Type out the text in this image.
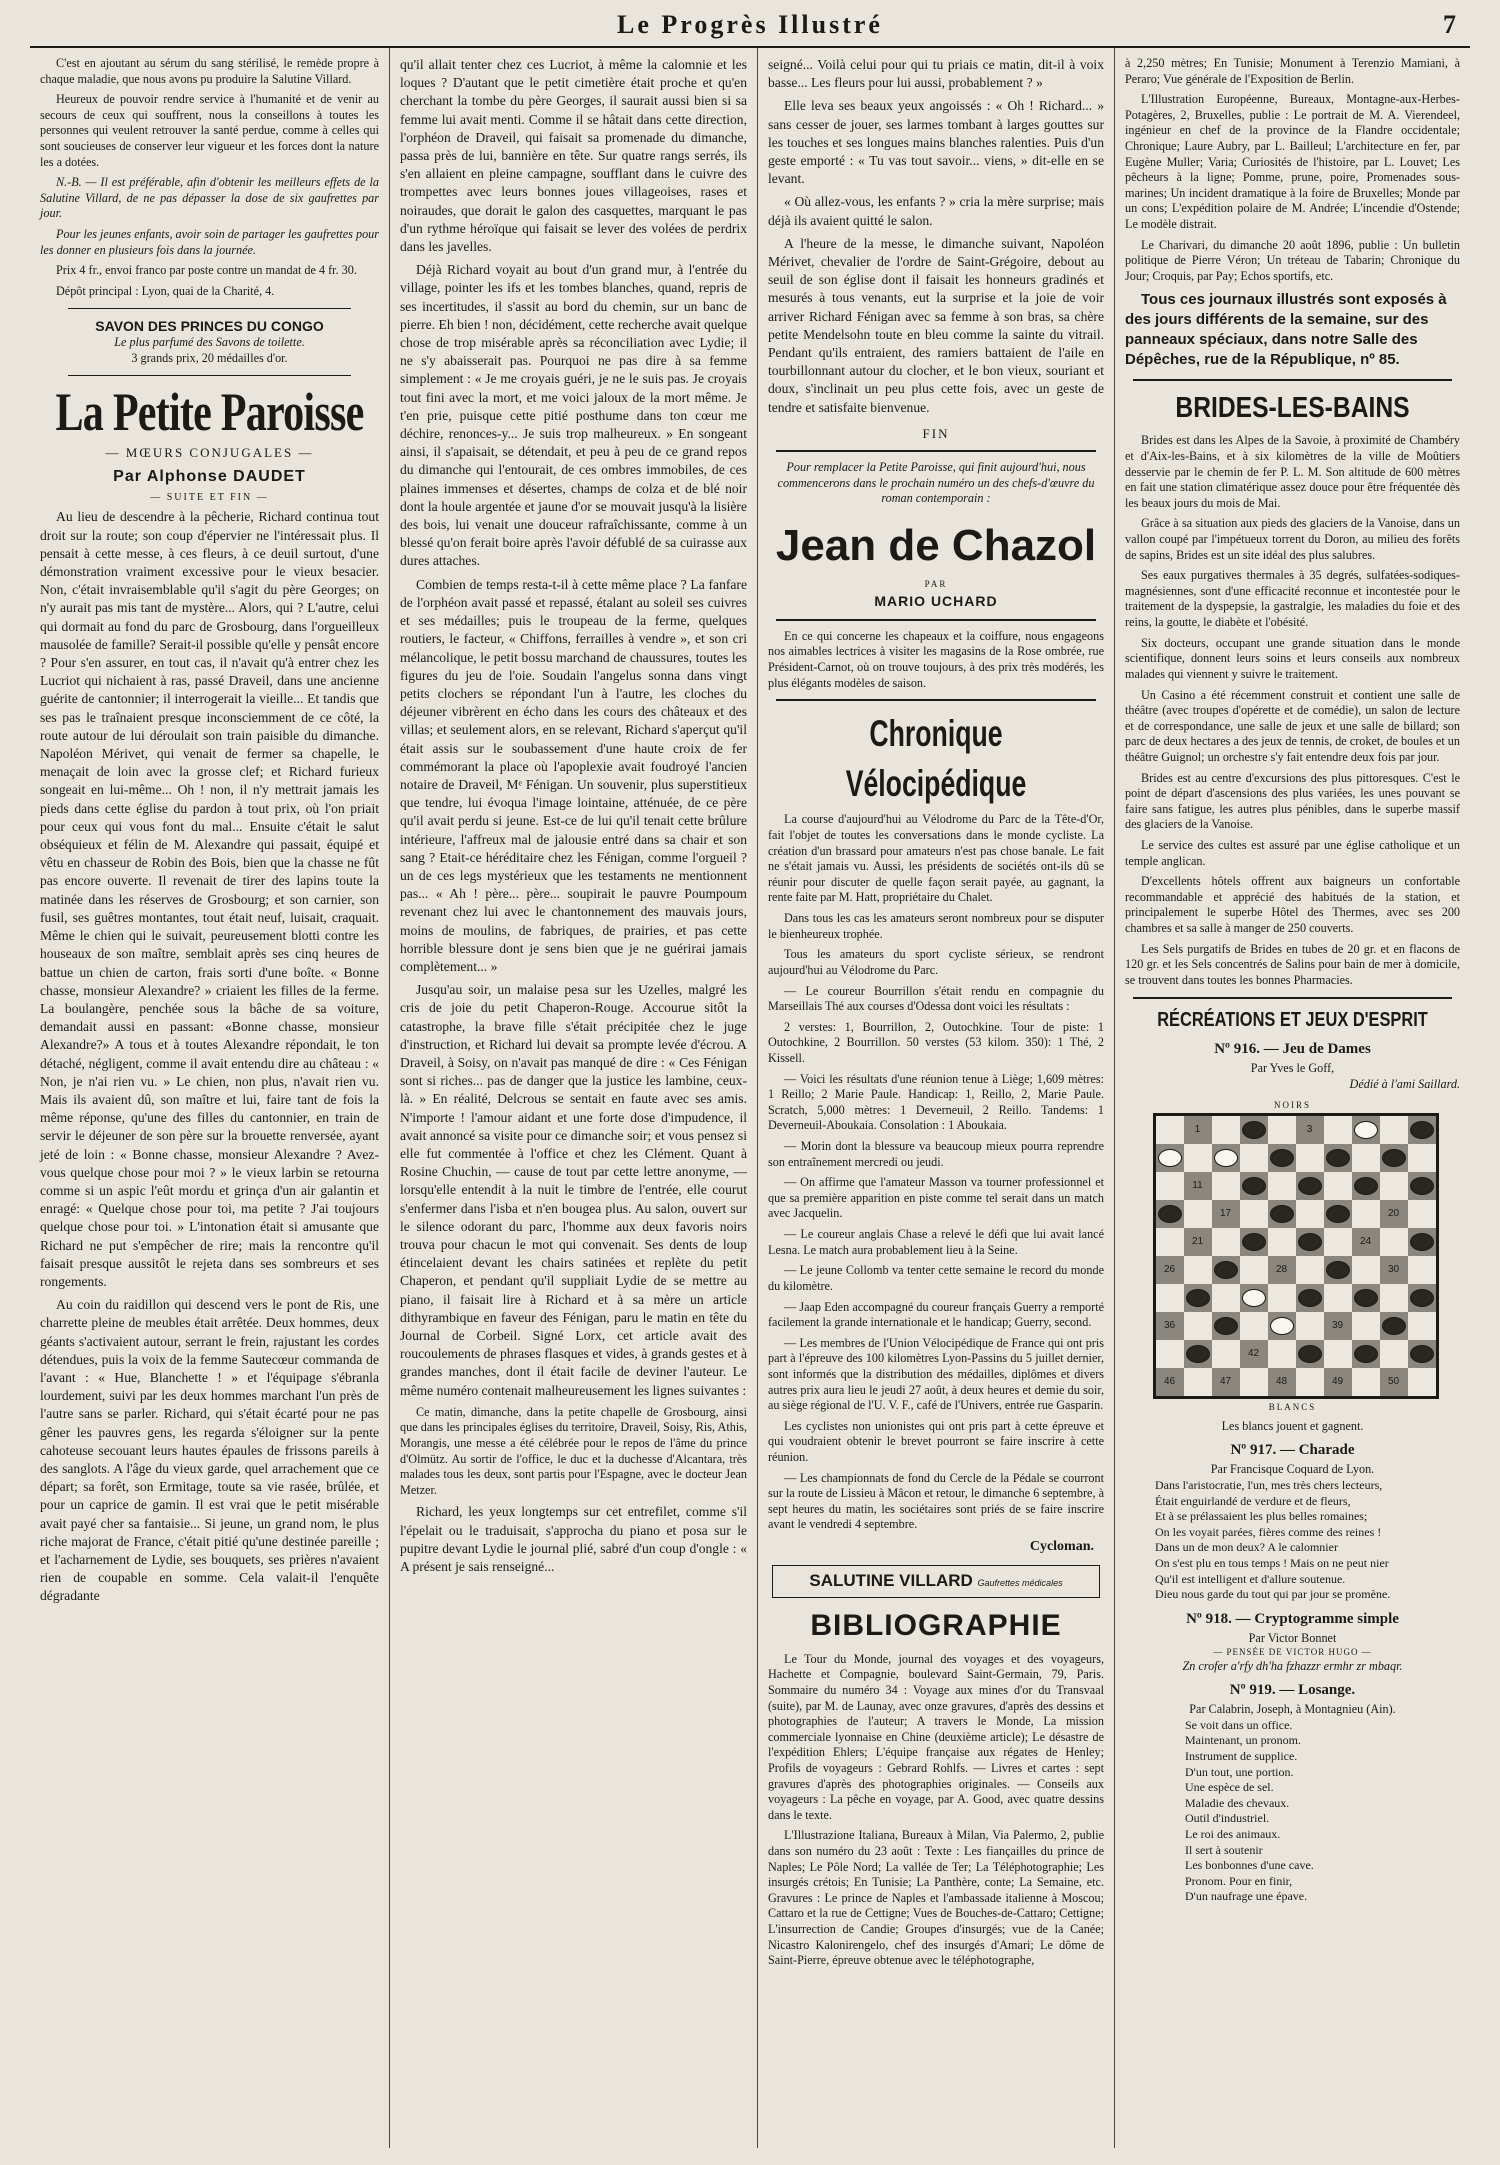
Le Progrès Illustré	7

C'est en ajoutant au sérum du sang stérilisé, le remède propre à chaque maladie, que nous avons pu produire la Salutine Villard.

Heureux de pouvoir rendre service à l'humanité et de venir au secours de ceux qui souffrent, nous la conseillons à toutes les personnes qui veulent retrouver la santé perdue, comme à celles qui sont soucieuses de conserver leur vigueur et les forces dont la nature les a dotées.

N.-B. — Il est préférable, afin d'obtenir les meilleurs effets de la Salutine Villard, de ne pas dépasser la dose de six gaufrettes par jour.

Pour les jeunes enfants, avoir soin de partager les gaufrettes pour les donner en plusieurs fois dans la journée.

Prix 4 fr., envoi franco par poste contre un mandat de 4 fr. 30.

Dépôt principal : Lyon, quai de la Charité, 4.

SAVON DES PRINCES DU CONGO
Le plus parfumé des Savons de toilette.
3 grands prix, 20 médailles d'or.
La Petite Paroisse
— MŒURS CONJUGALES —
Par Alphonse DAUDET
— SUITE ET FIN —

Au lieu de descendre à la pêcherie, Richard continua tout droit sur la route; son coup d'épervier ne l'intéressait plus. Il pensait à cette messe, à ces fleurs, à ce deuil surtout, d'une démonstration vraiment excessive pour le vieux besacier. Non, c'était invraisemblable qu'il s'agit du père Georges; on n'y aurait pas mis tant de mystère... Alors, qui ? L'autre, celui qui dormait au fond du parc de Grosbourg, dans l'orgueilleux mausolée de famille? Serait-il possible qu'elle y pensât encore ? Pour s'en assurer, en tout cas, il n'avait qu'à entrer chez les Lucriot qui nichaient à ras, passé Draveil, dans une ancienne guérite de cantonnier; il interrogerait la vieille... Et tandis que ses pas le traînaient presque inconsciemment de ce côté, la route autour de lui déroulait son train paisible du dimanche. Napoléon Mérivet, qui venait de fermer sa chapelle, le menaçait de loin avec la grosse clef; et Richard furieux songeait en lui-même... Oh ! non, il n'y mettrait jamais les pieds dans cette église du pardon à tout prix, où l'on priait pour ceux qui vous font du mal... Ensuite c'était le salut obséquieux et félin de M. Alexandre qui passait, équipé et vêtu en chasseur de Robin des Bois, bien que la chasse ne fût pas encore ouverte. Il revenait de tirer des lapins toute la matinée dans les réserves de Grosbourg; et son carnier, son fusil, ses guêtres montantes, tout était neuf, luisait, craquait. Même le chien qui le suivait, peureusement blotti contre les houseaux de son maître, semblait après ses cinq heures de battue un chien de carton, frais sorti d'une boîte. « Bonne chasse, monsieur Alexandre? » criaient les filles de la ferme. La boulangère, penchée sous la bâche de sa voiture, demandait aussi en passant: «Bonne chasse, monsieur Alexandre?» A tous et à toutes Alexandre répondait, le ton détaché, négligent, comme il avait entendu dire au château : « Non, je n'ai rien vu. » Le chien, non plus, n'avait rien vu. Mais ils avaient dû, son maître et lui, faire tant de fois la même réponse, qu'une des filles du cantonnier, en train de servir le déjeuner de son père sur la brouette renversée, ayant jeté de loin : « Bonne chasse, monsieur Alexandre ? Avez-vous quelque chose pour moi ? » le vieux larbin se retourna comme si un aspic l'eût mordu et grinça d'un air galantin et enragé: « Quelque chose pour toi, ma petite ? J'ai toujours quelque chose pour toi. » L'intonation était si amusante que Richard ne put s'empêcher de rire; mais la rencontre qu'il faisait presque aussitôt le rejeta dans ses sombreurs et ses rongements.

Au coin du raidillon qui descend vers le pont de Ris, une charrette pleine de meubles était arrêtée. Deux hommes, deux géants s'activaient autour, serrant le frein, rajustant les cordes détendues, puis la voix de la femme Sautecœur commanda de l'avant : « Hue, Blanchette ! » et l'équipage s'ébranla lourdement, suivi par les deux hommes marchant l'un près de l'autre sans se parler. Richard, qui s'était écarté pour ne pas gêner les pauvres gens, les regarda s'éloigner sur la pente cahoteuse secouant leurs hautes épaules de frissons pareils à des sanglots. A l'âge du vieux garde, quel arrachement que ce départ; sa forêt, son Ermitage, toute sa vie rasée, brûlée, et pour un caprice de gamin. Il est vrai que le petit misérable avait payé cher sa fantaisie... Si jeune, un grand nom, le plus riche majorat de France, c'était pitié qu'une destinée pareille ; et l'acharnement de Lydie, ses bouquets, ses prières n'avaient rien de coupable en somme. Cela valait-il l'enquête dégradante

qu'il allait tenter chez ces Lucriot, à même la calomnie et les loques ? D'autant que le petit cimetière était proche et qu'en cherchant la tombe du père Georges, il saurait aussi bien si sa femme lui avait menti. Comme il se hâtait dans cette direction, l'orphéon de Draveil, qui faisait sa promenade du dimanche, passa près de lui, bannière en tête. Sur quatre rangs serrés, ils s'en allaient en pleine campagne, soufflant dans le cuivre des trompettes avec leurs bonnes joues villageoises, rases et noiraudes, que dorait le galon des casquettes, marquant le pas d'un rythme héroïque qui faisait se lever des volées de perdrix dans les javelles.

Déjà Richard voyait au bout d'un grand mur, à l'entrée du village, pointer les ifs et les tombes blanches, quand, repris de ses incertitudes, il s'assit au bord du chemin, sur un banc de pierre. Eh bien ! non, décidément, cette recherche avait quelque chose de trop misérable après sa réconciliation avec Lydie; il ne s'y abaisserait pas. Pourquoi ne pas dire à sa femme simplement : « Je me croyais guéri, je ne le suis pas. Je croyais tout fini avec la mort, et me voici jaloux de la mort même. Je t'en prie, puisque cette pitié posthume dans ton cœur me déchire, renonces-y... Je suis trop malheureux. » En songeant ainsi, il s'apaisait, se détendait, et peu à peu de ce grand repos du dimanche qui l'entourait, de ces ombres immobiles, de ces plaines immenses et désertes, champs de colza et de blé noir dont la houle argentée et jaune d'or se mouvait jusqu'à la lisière des bois, lui venait une douceur rafraîchissante, comme à un blessé qu'on ferait boire après l'avoir défublé de sa cuirasse aux dures attaches.

Combien de temps resta-t-il à cette même place ? La fanfare de l'orphéon avait passé et repassé, étalant au soleil ses cuivres et ses médailles; puis le troupeau de la ferme, quelques routiers, le facteur, « Chiffons, ferrailles à vendre », et son cri mélancolique, le petit bossu marchand de chaussures, toutes les figures du jeu de l'oie. Soudain l'angelus sonna dans vingt petits clochers se répondant l'un à l'autre, les cloches du déjeuner vibrèrent en écho dans les cours des châteaux et des villas; et seulement alors, en se relevant, Richard s'aperçut qu'il était assis sur le soubassement d'une haute croix de fer commémorant la place où l'apoplexie avait foudroyé l'ancien notaire de Draveil, Mᵉ Fénigan. Un souvenir, plus superstitieux que tendre, lui évoqua l'image lointaine, atténuée, de ce père qu'il avait perdu si jeune. Est-ce de lui qu'il tenait cette brûlure intérieure, l'affreux mal de jalousie entré dans sa chair et son sang ? Etait-ce héréditaire chez les Fénigan, comme l'orgueil ? un de ces legs mystérieux que les testaments ne mentionnent pas... « Ah ! père... père... soupirait le pauvre Poumpoum revenant chez lui avec le chantonnement des mauvais jours, moins de moulins, de fabriques, de prairies, et pas cette horrible blessure dont je sens bien que je ne guérirai jamais complètement... »

Jusqu'au soir, un malaise pesa sur les Uzelles, malgré les cris de joie du petit Chaperon-Rouge. Accourue sitôt la catastrophe, la brave fille s'était précipitée chez le juge d'instruction, et Richard lui devait sa prompte levée d'écrou. A Draveil, à Soisy, on n'avait pas manqué de dire : « Ces Fénigan sont si riches... pas de danger que la justice les lambine, ceux-là. » En réalité, Delcrous se sentait en faute avec ses amis. N'importe ! l'amour aidant et une forte dose d'impudence, il avait annoncé sa visite pour ce dimanche soir; et vous pensez si elle fut commentée à l'office et chez les Clément. Quant à Rosine Chuchin, — cause de tout par cette lettre anonyme, — lorsqu'elle entendit à la nuit le timbre de l'entrée, elle courut s'enfermer dans l'isba et n'en bougea plus. Au salon, ouvert sur le silence odorant du parc, l'homme aux deux favoris noirs trouva pour chacun le mot qui convenait. Ses dents de loup étincelaient devant les chairs satinées et replète du petit Chaperon, et pendant qu'il suppliait Lydie de se mettre au piano, il faisait lire à Richard et à sa mère un article dithyrambique en faveur des Fénigan, paru le matin en tête du Journal de Corbeil. Signé Lorx, cet article avait des roucoulements de phrases flasques et vides, à grands gestes et à grandes manches, dont il était facile de deviner l'auteur. Le même numéro contenait malheureusement les lignes suivantes :

Ce matin, dimanche, dans la petite chapelle de Grosbourg, ainsi que dans les principales églises du territoire, Draveil, Soisy, Ris, Athis, Morangis, une messe a été célébrée pour le repos de l'âme du prince d'Olmütz. Au sortir de l'office, le duc et la duchesse d'Alcantara, très malades tous les deux, sont partis pour l'Espagne, avec le docteur Jean Metzer.

Richard, les yeux longtemps sur cet entrefilet, comme s'il l'épelait ou le traduisait, s'approcha du piano et posa sur le pupitre devant Lydie le journal plié, sabré d'un coup d'ongle : « A présent je sais renseigné...

seigné... Voilà celui pour qui tu priais ce matin, dit-il à voix basse... Les fleurs pour lui aussi, probablement ? »

Elle leva ses beaux yeux angoissés : « Oh ! Richard... » sans cesser de jouer, ses larmes tombant à larges gouttes sur les touches et ses longues mains blanches ralenties. Puis d'un geste emporté : « Tu vas tout savoir... viens, » dit-elle en se levant.

« Où allez-vous, les enfants ? » cria la mère surprise; mais déjà ils avaient quitté le salon.

A l'heure de la messe, le dimanche suivant, Napoléon Mérivet, chevalier de l'ordre de Saint-Grégoire, debout au seuil de son église dont il faisait les honneurs gradinés et mesurés à tous venants, eut la surprise et la joie de voir arriver Richard Fénigan avec sa femme à son bras, sa chère petite Mendelsohn toute en bleu comme la sainte du vitrail. Pendant qu'ils entraient, des ramiers battaient de l'aile en tourbillonnant autour du clocher, et le bon vieux, souriant et doux, s'inclinait un peu plus cette fois, avec un geste de tendre et satisfaite bienvenue.

FIN

Pour remplacer la Petite Paroisse, qui finit aujourd'hui, nous commencerons dans le prochain numéro un des chefs-d'œuvre du roman contemporain :

Jean de Chazol
PAR
MARIO UCHARD

En ce qui concerne les chapeaux et la coiffure, nous engageons nos aimables lectrices à visiter les magasins de la Rose ombrée, rue Président-Carnot, où on trouve toujours, à des prix très modérés, les plus élégants modèles de saison.

Chronique Vélocipédique

La course d'aujourd'hui au Vélodrome du Parc de la Tête-d'Or, fait l'objet de toutes les conversations dans le monde cycliste. La création d'un brassard pour amateurs n'est pas chose banale. Le fait ne s'était jamais vu. Aussi, les présidents de sociétés ont-ils dû se réunir pour discuter de quelle façon serait payée, au gagnant, la rente faite par M. Hatt, propriétaire du Chalet.

Dans tous les cas les amateurs seront nombreux pour se disputer le bienheureux trophée.

Tous les amateurs du sport cycliste sérieux, se rendront aujourd'hui au Vélodrome du Parc.

— Le coureur Bourrillon s'était rendu en compagnie du Marseillais Thé aux courses d'Odessa dont voici les résultats :

2 verstes: 1, Bourrillon, 2, Outochkine. Tour de piste: 1 Outochkine, 2 Bourrillon. 50 verstes (53 kilom. 350): 1 Thé, 2 Kissell.

— Voici les résultats d'une réunion tenue à Liège; 1,609 mètres: 1 Reillo; 2 Marie Paule. Handicap: 1, Reillo, 2, Marie Paule. Scratch, 5,000 mètres: 1 Deverneuil, 2 Reillo. Tandems: 1 Deverneuil-Aboukaia. Consolation : 1 Aboukaia.

— Morin dont la blessure va beaucoup mieux pourra reprendre son entraînement mercredi ou jeudi.

— On affirme que l'amateur Masson va tourner professionnel et que sa première apparition en piste comme tel serait dans un match avec Jacquelin.

— Le coureur anglais Chase a relevé le défi que lui avait lancé Lesna. Le match aura probablement lieu à la Seine.

— Le jeune Collomb va tenter cette semaine le record du monde du kilomètre.

— Jaap Eden accompagné du coureur français Guerry a remporté facilement la grande internationale et le handicap; Guerry, second.

— Les membres de l'Union Vélocipédique de France qui ont pris part à l'épreuve des 100 kilomètres Lyon-Passins du 5 juillet dernier, sont informés que la distribution des médailles, diplômes et divers autres prix aura lieu le jeudi 27 août, à deux heures et demie du soir, au siège régional de l'U. V. F., café de l'Univers, entrée rue Gasparin.

Les cyclistes non unionistes qui ont pris part à cette épreuve et qui voudraient obtenir le brevet pourront se faire inscrire à cette réunion.

— Les championnats de fond du Cercle de la Pédale se courront sur la route de Lissieu à Mâcon et retour, le dimanche 6 septembre, à sept heures du matin, les sociétaires sont priés de se faire inscrire avant le vendredi 4 septembre.

Cycloman.
SALUTINE VILLARD Gaufrettes médicales
BIBLIOGRAPHIE

Le Tour du Monde, journal des voyages et des voyageurs, Hachette et Compagnie, boulevard Saint-Germain, 79, Paris. Sommaire du numéro 34 : Voyage aux mines d'or du Transvaal (suite), par M. de Launay, avec onze gravures, d'après des dessins et photographies de l'auteur; A travers le Monde, La mission commerciale lyonnaise en Chine (deuxième article); Le désastre de l'expédition Ehlers; L'équipe française aux régates de Henley; Profils de voyageurs : Gebrard Rohlfs. — Livres et cartes : sept gravures d'après des photographies originales. — Conseils aux voyageurs : La pêche en voyage, par A. Good, avec quatre dessins dans le texte.

L'Illustrazione Italiana, Bureaux à Milan, Via Palermo, 2, publie dans son numéro du 23 août : Texte : Les fiançailles du prince de Naples; Le Pôle Nord; La vallée de Ter; La Téléphotographie; Les insurgés crétois; En Tunisie; La Panthère, conte; La Semaine, etc. Gravures : Le prince de Naples et l'ambassade italienne à Moscou; Cattaro et la rue de Cettigne; Vues de Bouches-de-Cattaro; Cettigne; L'insurrection de Candie; Groupes d'insurgés; vue de la Canée; Nicastro Kalonirengelo, chef des insurgés d'Amari; Le dôme de Saint-Pierre, épreuve obtenue avec le téléphotographe,

à 2,250 mètres; En Tunisie; Monument à Terenzio Mamiani, à Peraro; Vue générale de l'Exposition de Berlin.

L'Illustration Européenne, Bureaux, Montagne-aux-Herbes-Potagères, 2, Bruxelles, publie : Le portrait de M. A. Vierendeel, ingénieur en chef de la province de la Flandre occidentale; Chronique; Laure Aubry, par L. Bailleul; L'architecture en fer, par Eugène Muller; Varia; Curiosités de l'histoire, par L. Louvet; Les pêcheurs à la ligne; Pomme, prune, poire, Promenades sous-marines; Un incident dramatique à la foire de Bruxelles; Monde par un cons; L'expédition polaire de M. Andrée; L'incendie d'Ostende; Le modèle distrait.

Le Charivari, du dimanche 20 août 1896, publie : Un bulletin politique de Pierre Véron; Un tréteau de Tabarin; Chronique du Jour; Croquis, par Pay; Echos sportifs, etc.

Tous ces journaux illustrés sont exposés à des jours différents de la semaine, sur des panneaux spéciaux, dans notre Salle des Dépêches, rue de la République, nº 85.

BRIDES-LES-BAINS

Brides est dans les Alpes de la Savoie, à proximité de Chambéry et d'Aix-les-Bains, et à six kilomètres de la ville de Moûtiers desservie par le chemin de fer P. L. M. Son altitude de 600 mètres en fait une station climatérique assez douce pour être fréquentée dès les beaux jours du mois de Mai.

Grâce à sa situation aux pieds des glaciers de la Vanoise, dans un vallon coupé par l'impétueux torrent du Doron, au milieu des forêts de sapins, Brides est un site idéal des plus salubres.

Ses eaux purgatives thermales à 35 degrés, sulfatées-sodiques-magnésiennes, sont d'une efficacité reconnue et incontestée pour le traitement de la dyspepsie, la gastralgie, les maladies du foie et des reins, la goutte, le diabète et l'obésité.

Six docteurs, occupant une grande situation dans le monde scientifique, donnent leurs soins et leurs conseils aux nombreux malades qui viennent y suivre le traitement.

Un Casino a été récemment construit et contient une salle de théâtre (avec troupes d'opérette et de comédie), un salon de lecture et de correspondance, une salle de jeux et une salle de billard; son parc de deux hectares a des jeux de tennis, de croket, de boules et un théâtre Guignol; un orchestre s'y fait entendre deux fois par jour.

Brides est au centre d'excursions des plus pittoresques. C'est le point de départ d'ascensions des plus variées, les unes pouvant se faire sans fatigue, les autres plus pénibles, dans le superbe massif des glaciers de la Vanoise.

Le service des cultes est assuré par une église catholique et un temple anglican.

D'excellents hôtels offrent aux baigneurs un confortable recommandable et apprécié des habitués de la station, et principalement le superbe Hôtel des Thermes, avec ses 200 chambres et sa salle à manger de 250 couverts.

Les Sels purgatifs de Brides en tubes de 20 gr. et en flacons de 120 gr. et les Sels concentrés de Salins pour bain de mer à domicile, se trouvent dans toutes les bonnes Pharmacies.

RÉCRÉATIONS ET JEUX D'ESPRIT
Nº 916. — Jeu de Dames
Par Yves le Goff,
Dédié à l'ami Saillard.
NOIRS
1	3
11
17	20
21	24
26	28	30
36	39
42
46	47	48	49	50
BLANCS
Les blancs jouent et gagnent.
Nº 917. — Charade
Par Francisque Coquard de Lyon.
Dans l'aristocratie, l'un, mes très chers lecteurs,
Était enguirlandé de verdure et de fleurs,
Et à se prélassaient les plus belles romaines;
On les voyait parées, fières comme des reines !
Dans un de mon deux? A le calomnier
On s'est plu en tous temps ! Mais on ne peut nier
Qu'il est intelligent et d'allure soutenue.
Dieu nous garde du tout qui par jour se promène.
Nº 918. — Cryptogramme simple
Par Victor Bonnet
— PENSÉE DE VICTOR HUGO —
Zn crofer a'rfy dh'ha fzhazzr ermhr zr mbaqr.
Nº 919. — Losange.
Par Calabrin, Joseph, à Montagnieu (Ain).
Se voit dans un office.
Maintenant, un pronom.
Instrument de supplice.
D'un tout, une portion.
Une espèce de sel.
Maladie des chevaux.
Outil d'industriel.
Le roi des animaux.
Il sert à soutenir
Les bonbonnes d'une cave.
Pronom. Pour en finir,
D'un naufrage une épave.
